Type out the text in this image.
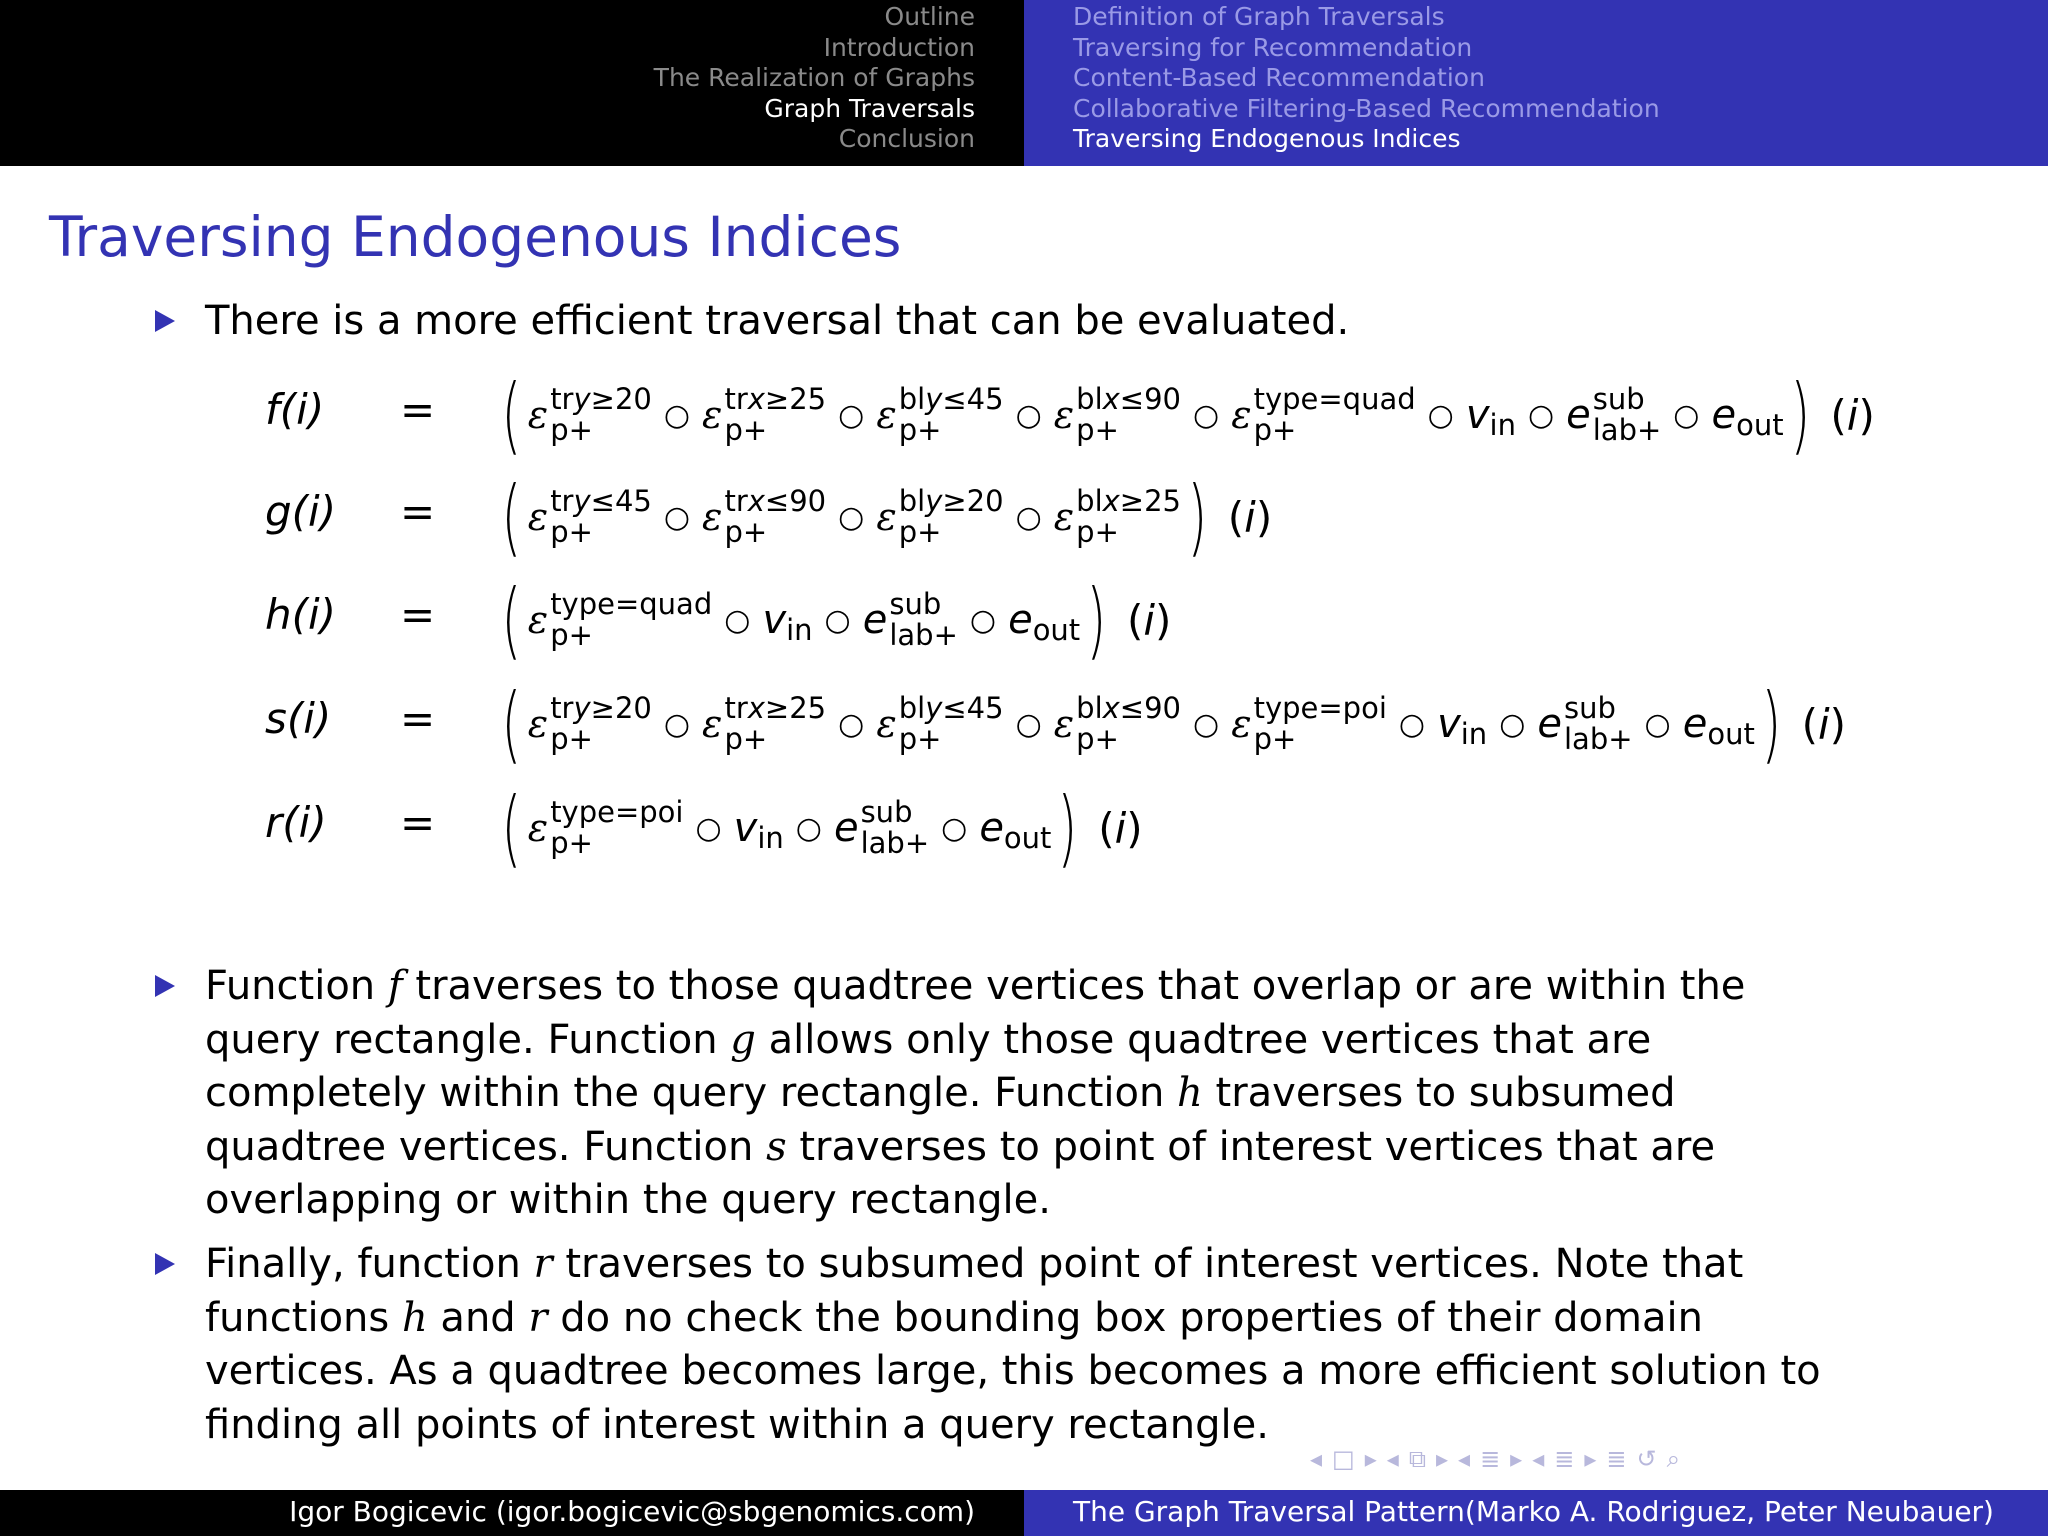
Outline
Introduction
The Realization of Graphs
Graph Traversals
Conclusion
Definition of Graph Traversals
Traversing for Recommendation
Content-Based Recommendation
Collaborative Filtering-Based Recommendation
Traversing Endogenous Indices
Traversing Endogenous Indices
There is a more efficient traversal that can be evaluated.
f(i) = ( ε try≥20
p+	○ ε trx≥25
p+	○ ε bly≤45
p+	○ ε blx≤90
p+	○ ε type=quad
p+	○ v in ○ e sub
lab+ ○ e out ) (i)
g(i) = ( ε try≤45
p+	○ ε trx≤90
p+	○ ε bly≥20
p+	○ ε blx≥25
p+ ) (i)
h(i) = ( ε type=quad
p+	○ v in ○ e sub
lab+ ○ e out ) (i)
s(i) = ( ε try≥20
p+	○ ε trx≥25
p+	○ ε bly≤45
p+	○ ε blx≤90
p+	○ ε type=poi
p+	○ v in ○ e sub
lab+ ○ e out ) (i)
r(i) = ( ε type=poi
p+	○ v in ○ e sub
lab+ ○ e out ) (i)

Function f traverses to those quadtree vertices that overlap or are within the

query rectangle. Function g allows only those quadtree vertices that are

completely within the query rectangle. Function h traverses to subsumed

quadtree vertices. Function s traverses to point of interest vertices that are

overlapping or within the query rectangle.

Finally, function r traverses to subsumed point of interest vertices. Note that

functions h and r do no check the bounding box properties of their domain

vertices. As a quadtree becomes large, this becomes a more efficient solution to

finding all points of interest within a query rectangle.

◂ □ ▸ ◂ ⧉ ▸ ◂ ≣ ▸ ◂ ≣ ▸ ≣ ↺ ⌕
Igor Bogicevic (igor.bogicevic@sbgenomics.com)	The Graph Traversal Pattern(Marko A. Rodriguez, Peter Neubauer)
